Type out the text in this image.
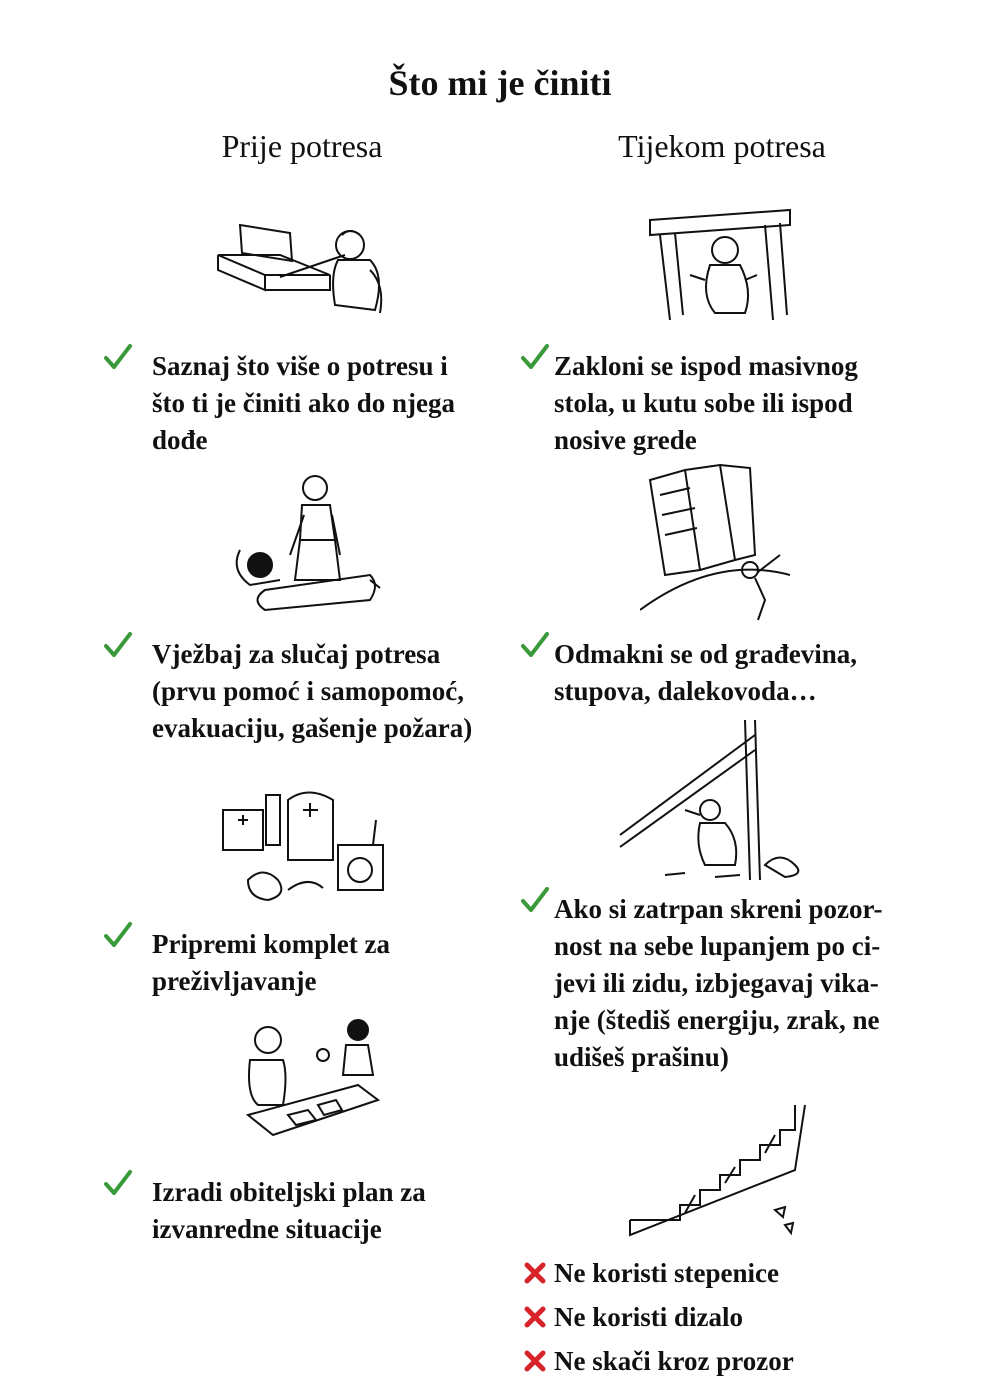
Što mi je činiti
Prije potresa	Tijekom potresa
Saznaj što više o potresu i
što ti je činiti ako do njega
dođe
Vježbaj za slučaj potresa
(prvu pomoć i samopomoć,
evakuaciju, gašenje požara)
Pripremi komplet za
preživljavanje
Izradi obiteljski plan za
izvanredne situacije
Zakloni se ispod masivnog
stola, u kutu sobe ili ispod
nosive grede
Odmakni se od građevina,
stupova, dalekovoda…
Ako si zatrpan skreni pozor-
nost na sebe lupanjem po ci-
jevi ili zidu, izbjegavaj vika-
nje (štediš energiju, zrak, ne
udišeš prašinu)
Ne koristi stepenice
Ne koristi dizalo
Ne skači kroz prozor
